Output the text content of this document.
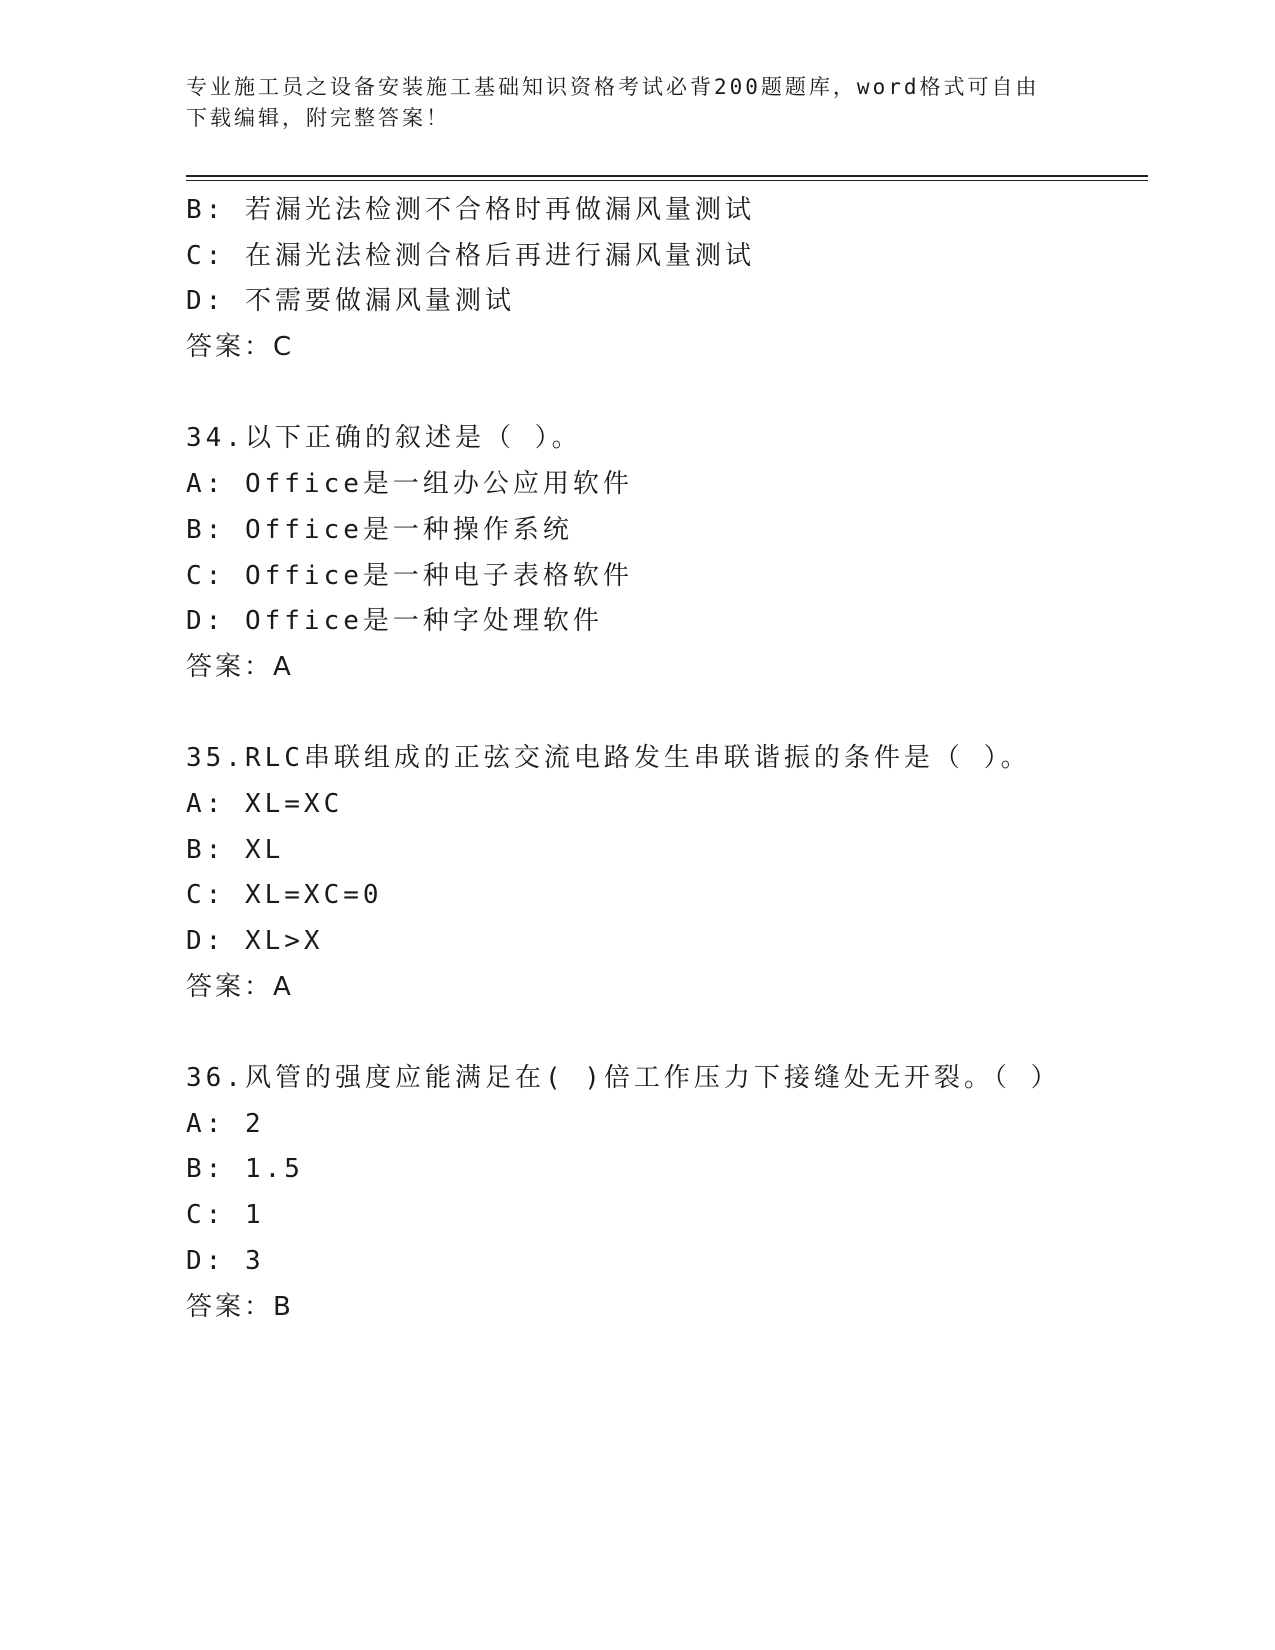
专业施工员之设备安装施工基础知识资格考试必背200题题库，word格式可自由
下载编辑，附完整答案！
B: 若漏光法检测不合格时再做漏风量测试
C: 在漏光法检测合格后再进行漏风量测试
D: 不需要做漏风量测试
答案：C
34.以下正确的叙述是（ ）。
A: Office是一组办公应用软件
B: Office是一种操作系统
C: Office是一种电子表格软件
D: Office是一种字处理软件
答案：A
35.RLC串联组成的正弦交流电路发生串联谐振的条件是（ ）。
A: XL=XC
B: XL
C: XL=XC=0
D: XL>X
答案：A
36.风管的强度应能满足在( )倍工作压力下接缝处无开裂。（ ）
A: 2
B: 1.5
C: 1
D: 3
答案：B
